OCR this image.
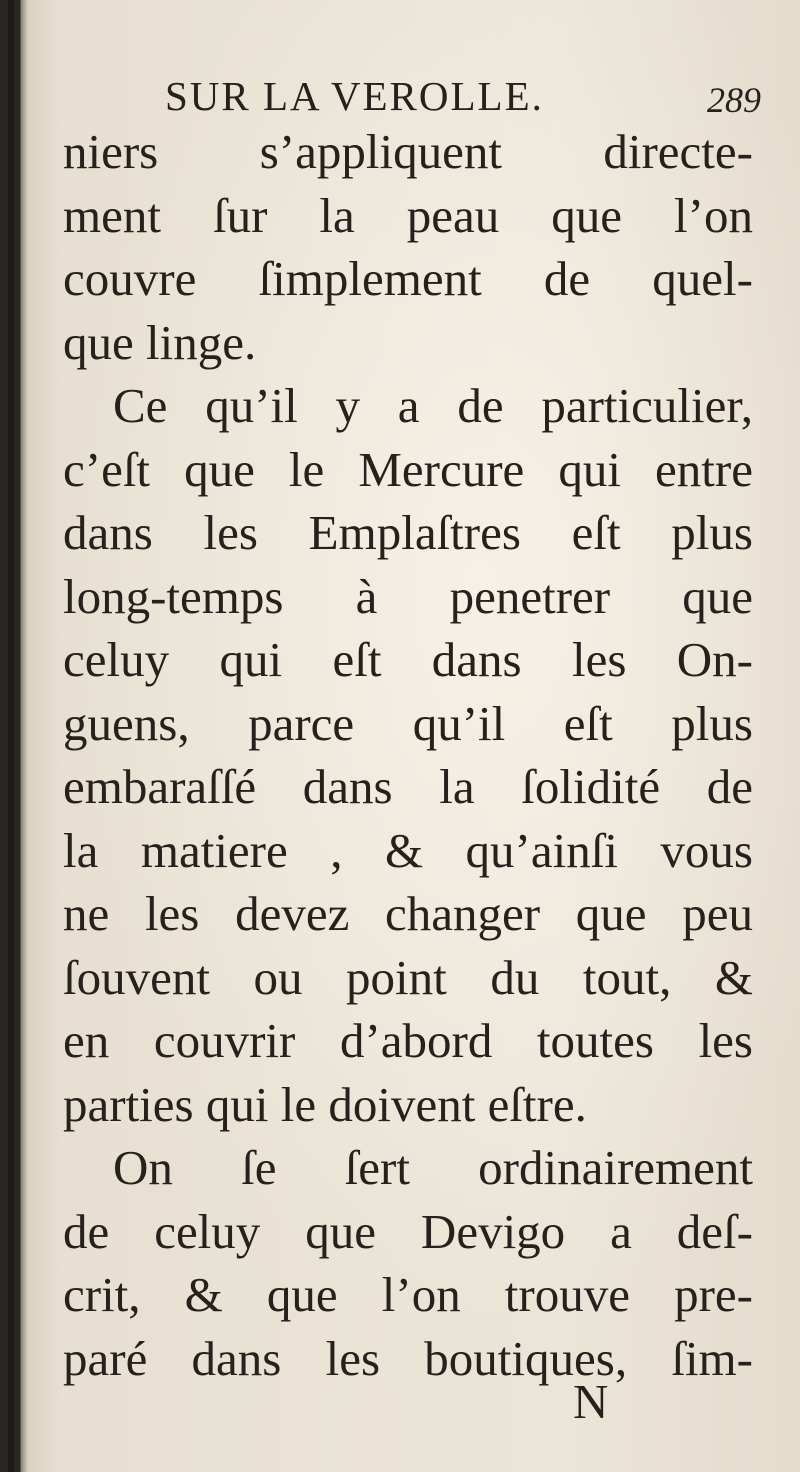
SUR LA VEROLLE.	289
niers s’appliquent directe-
ment ſur la peau que l’on
couvre ſimplement de quel-
que linge.
Ce qu’il y a de particulier,
c’eſt que le Mercure qui entre
dans les Emplaſtres eſt plus
long-temps à penetrer que
celuy qui eſt dans les On-
guens, parce qu’il eſt plus
embaraſſé dans la ſolidité de
la matiere , & qu’ainſi vous
ne les devez changer que peu
ſouvent ou point du tout, &
en couvrir d’abord toutes les
parties qui le doivent eſtre.
On ſe ſert ordinairement
de celuy que Devigo a deſ-
crit, & que l’on trouve pre-
paré dans les boutiques, ſim-
N
